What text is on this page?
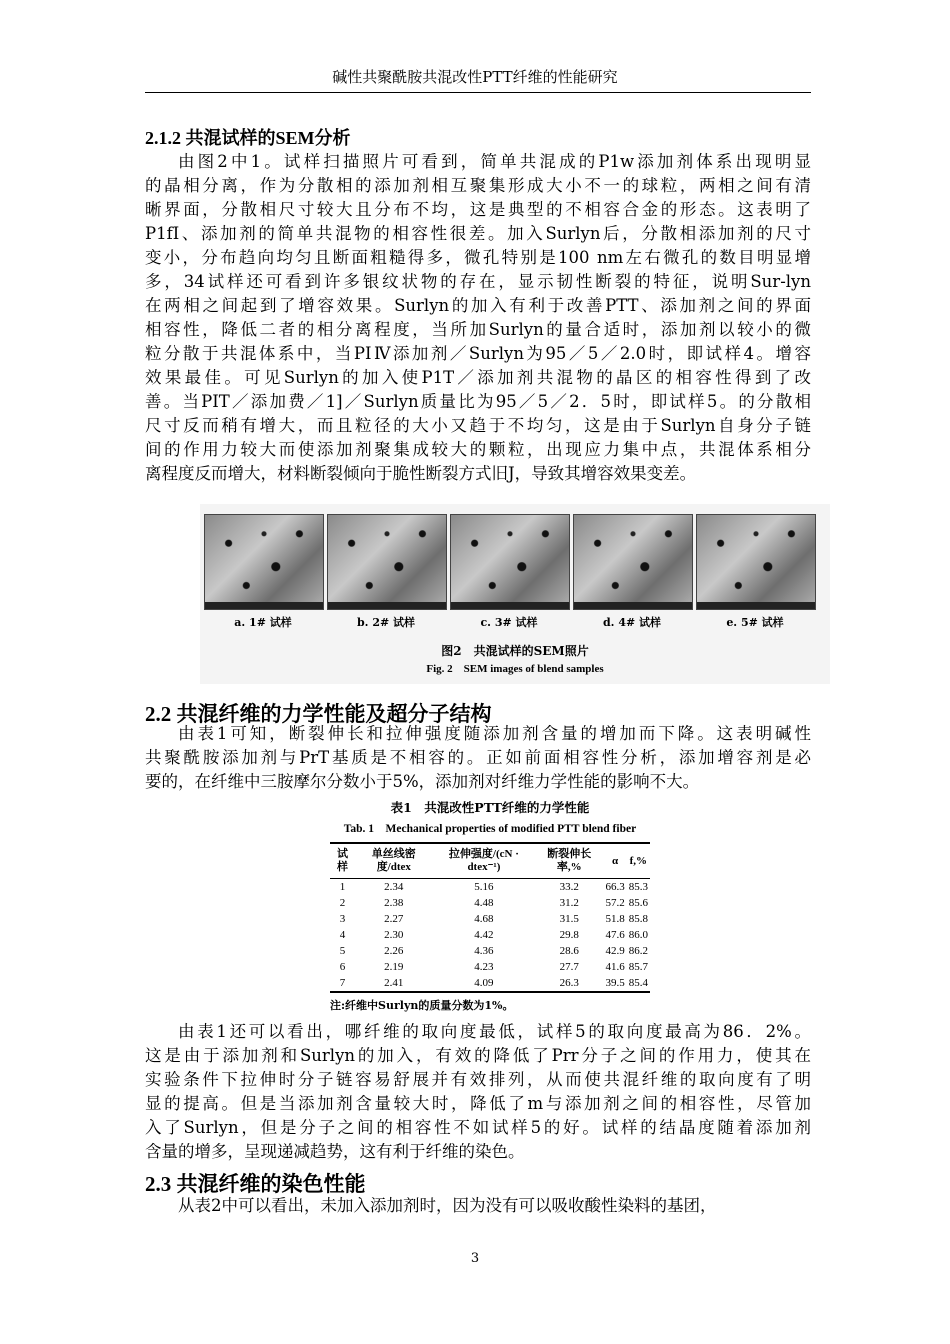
碱性共聚酰胺共混改性PTT纤维的性能研究
2.1.2 共混试样的SEM分析
由图2中1。试样扫描照片可看到，简单共混成的P1w添加剂体系出现明显
的晶相分离，作为分散相的添加剂相互聚集形成大小不一的球粒，两相之间有清
晰界面，分散相尺寸较大且分布不均，这是典型的不相容合金的形态。这表明了
P1fI、添加剂的简单共混物的相容性很差。加入Surlyn后，分散相添加剂的尺寸
变小，分布趋向均匀且断面粗糙得多，微孔特别是100 nm左右微孔的数目明显增
多，34试样还可看到许多银纹状物的存在，显示韧性断裂的特征，说明Sur-lyn
在两相之间起到了增容效果。Surlyn的加入有利于改善PTT、添加剂之间的界面
相容性，降低二者的相分离程度，当所加Surlyn的量合适时，添加剂以较小的微
粒分散于共混体系中，当PIⅣ添加剂／Surlyn为95／5／2.0时，即试样4。增容
效果最佳。可见Surlyn的加入使P1T／添加剂共混物的晶区的相容性得到了改
善。当PIT／添加费／1]／Surlyn质量比为95／5／2．5时，即试样5。的分散相
尺寸反而稍有增大，而且粒径的大小又趋于不均匀，这是由于Surlyn自身分子链
间的作用力较大而使添加剂聚集成较大的颗粒，出现应力集中点，共混体系相分
离程度反而增大，材料断裂倾向于脆性断裂方式旧J，导致其增容效果变差。
a. 1# 试样	b. 2# 试样	c. 3# 试样	d. 4# 试样	e. 5# 试样
图2　共混试样的SEM照片
Fig. 2　SEM images of blend samples
2.2 共混纤维的力学性能及超分子结构
由表1可知，断裂伸长和拉伸强度随添加剂含量的增加而下降。这表明碱性
共聚酰胺添加剂与PrT基质是不相容的。正如前面相容性分析，添加增容剂是必
要的，在纤维中三胺摩尔分数小于5%，添加剂对纤维力学性能的影响不大。
表1　共混改性PTT纤维的力学性能
Tab. 1　Mechanical properties of modified PTT blend fiber
试样	单丝线密度/dtex	拉伸强度/(cN · dtex⁻¹)	断裂伸长率,%	α	f,%
1	2.34	5.16	33.2	66.3	85.3
2	2.38	4.48	31.2	57.2	85.6
3	2.27	4.68	31.5	51.8	85.8
4	2.30	4.42	29.8	47.6	86.0
5	2.26	4.36	28.6	42.9	86.2
6	2.19	4.23	27.7	41.6	85.7
7	2.41	4.09	26.3	39.5	85.4
注:纤维中Surlyn的质量分数为1%。
由表1还可以看出，哪纤维的取向度最低，试样5的取向度最高为86．2%。
这是由于添加剂和Surlyn的加入，有效的降低了Prr分子之间的作用力，使其在
实验条件下拉伸时分子链容易舒展并有效排列，从而使共混纤维的取向度有了明
显的提高。但是当添加剂含量较大时，降低了m与添加剂之间的相容性，尽管加
入了Surlyn，但是分子之间的相容性不如试样5的好。试样的结晶度随着添加剂
含量的增多，呈现递减趋势，这有利于纤维的染色。
2.3 共混纤维的染色性能
从表2中可以看出，未加入添加剂时，因为没有可以吸收酸性染料的基团，
3
